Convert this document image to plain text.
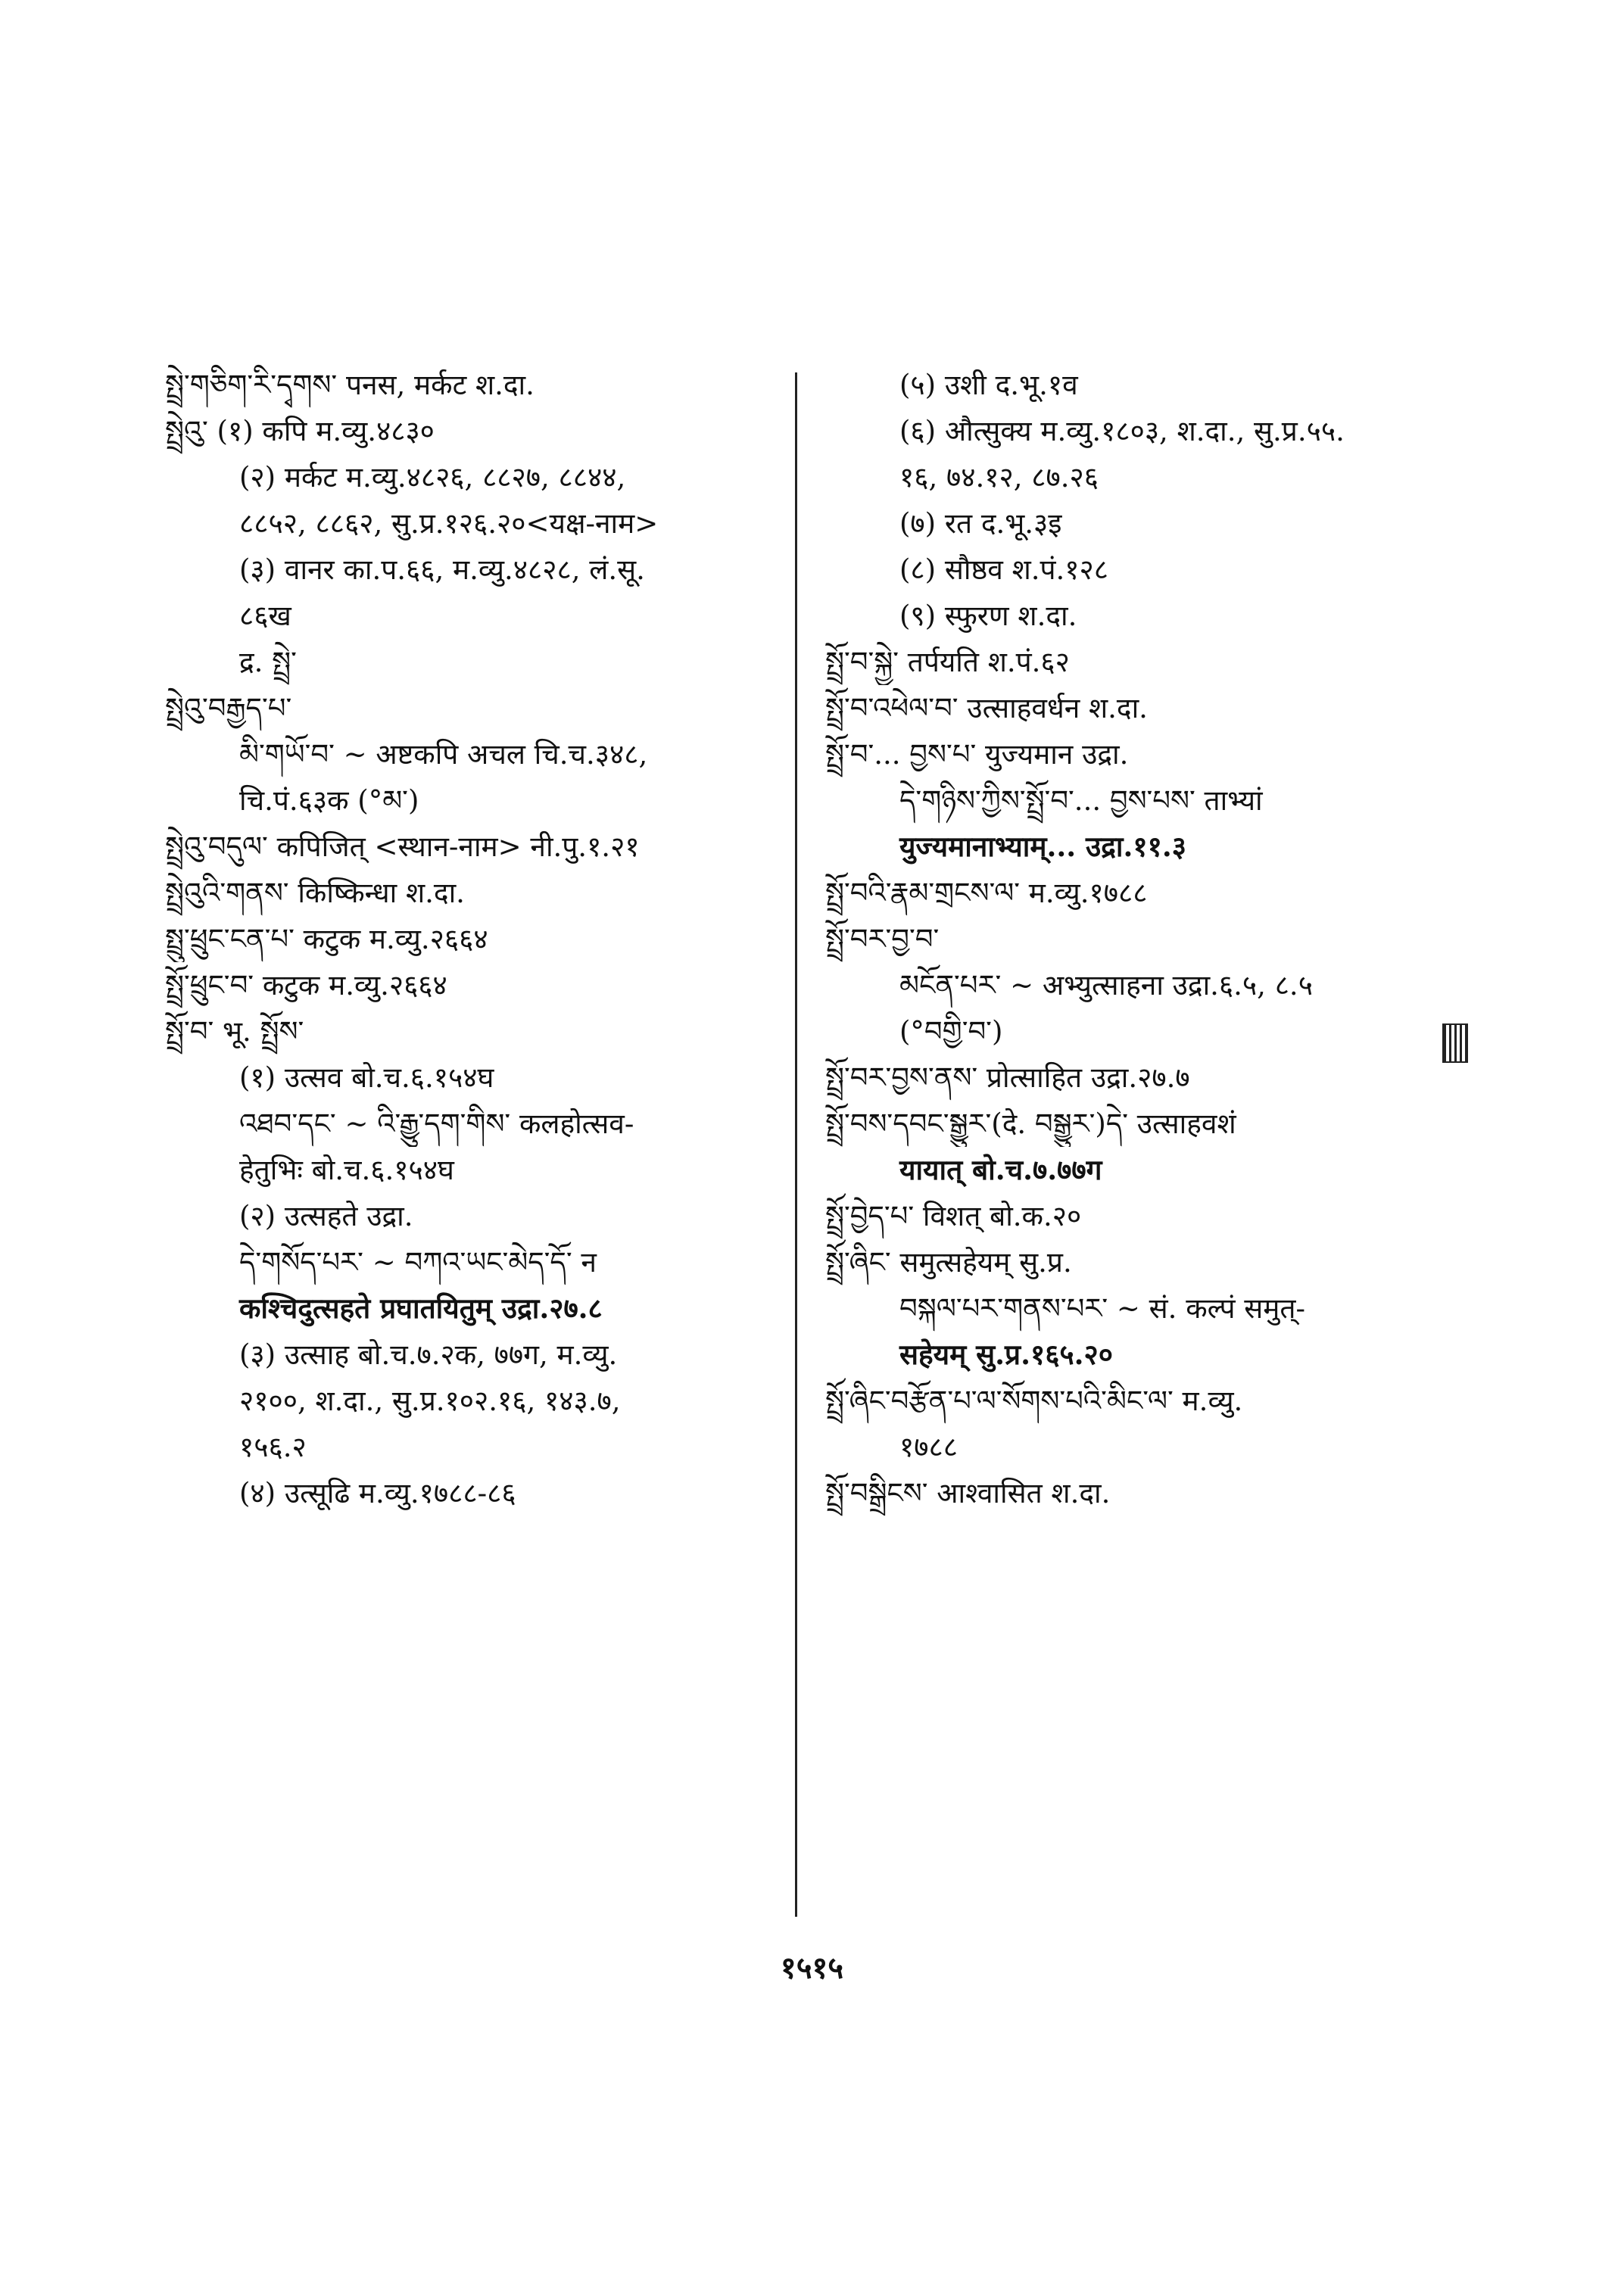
སྤྲེ་གཅིག་རི་དྭགས་ पनस, मर्कट श.दा.
སྤྲེའུ་ (१) कपि म.व्यु.४८३०
(२) मर्कट म.व्यु.४८२६, ८८२७, ८८४४,
८८५२, ८८६२, सु.प्र.१२६.२०<यक्ष-नाम>
(३) वानर का.प.६६, म.व्यु.४८२८, लं.सू.
८६ख
द्र. སྤྲེ་
སྤྲེའུ་བརྒྱད་པ་
མི་གཡོ་བ་ ~ अष्टकपि अचल चि.च.३४८,
चि.पं.६३क (°མ་)
སྤྲེའུ་བདུལ་ कपिजित् <स्थान-नाम> नी.पु.१.२१
སྤྲེའུའི་གནས་ किष्किन्धा श.दा.
སྤྲུ་ཕྲུང་ངན་པ་ कटुक म.व्यु.२६६४
སྤྲོ་ཕྲུང་བ་ कटुक म.व्यु.२६६४
སྤྲོ་བ་ भू. སྤྲོས་
(१) उत्सव बो.च.६.१५४घ
འཐབ་དང་ ~ འི་རྒྱུ་དག་གིས་ कलहोत्सव-
हेतुभिः बो.च.६.१५४घ
(२) उत्सहते उद्रा.
དེ་གསོད་པར་ ~ བཀའ་ཡང་མེད་དོ་ न
कश्चिदुत्सहते प्रघातयितुम् उद्रा.२७.८
(३) उत्साह बो.च.७.२क, ७७ग, म.व्यु.
२१००, श.दा., सु.प्र.१०२.१६, १४३.७,
१५६.२
(४) उत्सूढि म.व्यु.१७८८-८६
(५) उशी द.भू.१व
(६) औत्सुक्य म.व्यु.१८०३, श.दा., सु.प्र.५५.
१६, ७४.१२, ८७.२६
(७) रत द.भू.३इ
(८) सौष्ठव श.पं.१२८
(९) स्फुरण श.दा.
སྤྲོ་བ་སྐྱེ་ तर्पयति श.पं.६२
སྤྲོ་བ་འཕེལ་བ་ उत्साहवर्धन श.दा.
སྤྲོ་བ་... བྱས་པ་ युज्यमान उद्रा.
དེ་གཉིས་ཀྱིས་སྤྲོ་བ་... བྱས་པས་ ताभ्यां
युज्यमानाभ्याम्... उद्रा.११.३
སྤྲོ་བའི་རྣམ་གྲངས་ལ་ म.व्यु.१७८८
སྤྲོ་བར་བྱ་བ་
མངོན་པར་ ~ अभ्युत्साहना उद्रा.६.५, ८.५
(°བགྱི་བ་)
སྤྲོ་བར་བྱས་ནས་ प्रोत्साहित उद्रा.२७.७
སྤྲོ་བས་དབང་སྒྱུར་(दे. བསྒྱུར་)དེ་ उत्साहवशं
यायात् बो.च.७.७७ग
སྤྲོ་བྱེད་པ་ विशत् बो.क.२०
སྤྲོ་ཞིང་ समुत्सहेयम् सु.प्र.
བསྐལ་པར་གནས་པར་ ~ सं. कल्पं समुत्-
सहेयम् सु.प्र.१६५.२०
སྤྲོ་ཞིང་བརྩོན་པ་ལ་སོགས་པའི་མིང་ལ་ म.व्यु.
१७८८
སྤྲོ་བསྒྲིངས་ आश्वासित श.दा.
१५१५
